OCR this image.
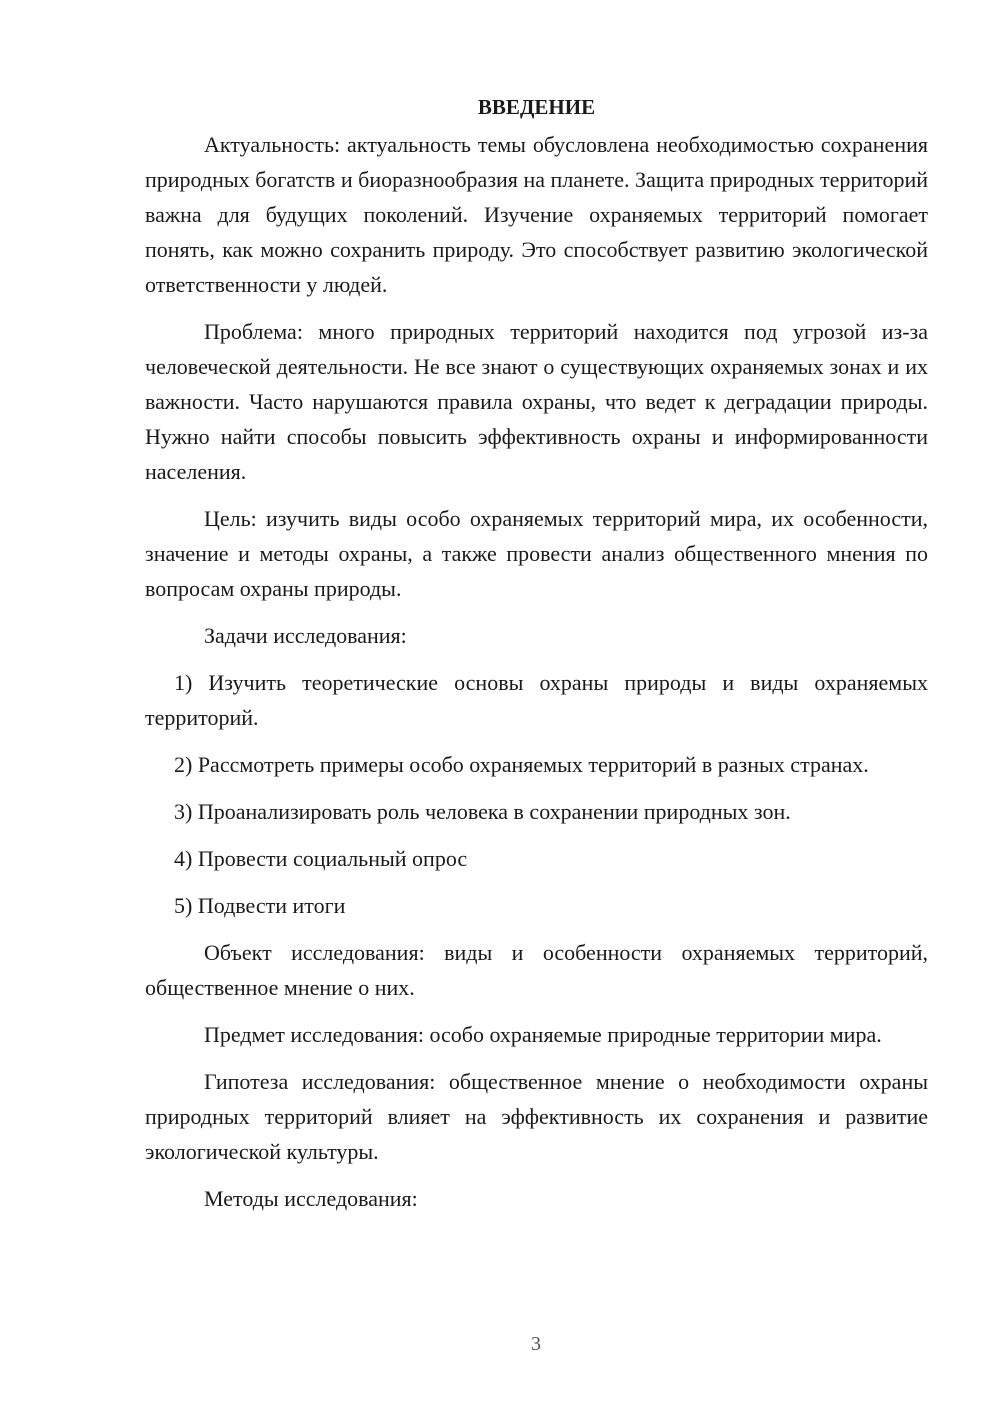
ВВЕДЕНИЕ

Актуальность: актуальность темы обусловлена необходимостью сохранения природных богатств и биоразнообразия на планете. Защита природных территорий важна для будущих поколений. Изучение охраняемых территорий помогает понять, как можно сохранить природу. Это способствует развитию экологической ответственности у людей.

Проблема: много природных территорий находится под угрозой из-за человеческой деятельности. Не все знают о существующих охраняемых зонах и их важности. Часто нарушаются правила охраны, что ведет к деградации природы. Нужно найти способы повысить эффективность охраны и информированности населения.

Цель: изучить виды особо охраняемых территорий мира, их особенности, значение и методы охраны, а также провести анализ общественного мнения по вопросам охраны природы.

Задачи исследования:

1) Изучить теоретические основы охраны природы и виды охраняемых территорий.

2) Рассмотреть примеры особо охраняемых территорий в разных странах.

3) Проанализировать роль человека в сохранении природных зон.

4) Провести социальный опрос

5) Подвести итоги

Объект исследования: виды и особенности охраняемых территорий, общественное мнение о них.

Предмет исследования: особо охраняемые природные территории мира.

Гипотеза исследования: общественное мнение о необходимости охраны природных территорий влияет на эффективность их сохранения и развитие экологической культуры.

Методы исследования:

3
